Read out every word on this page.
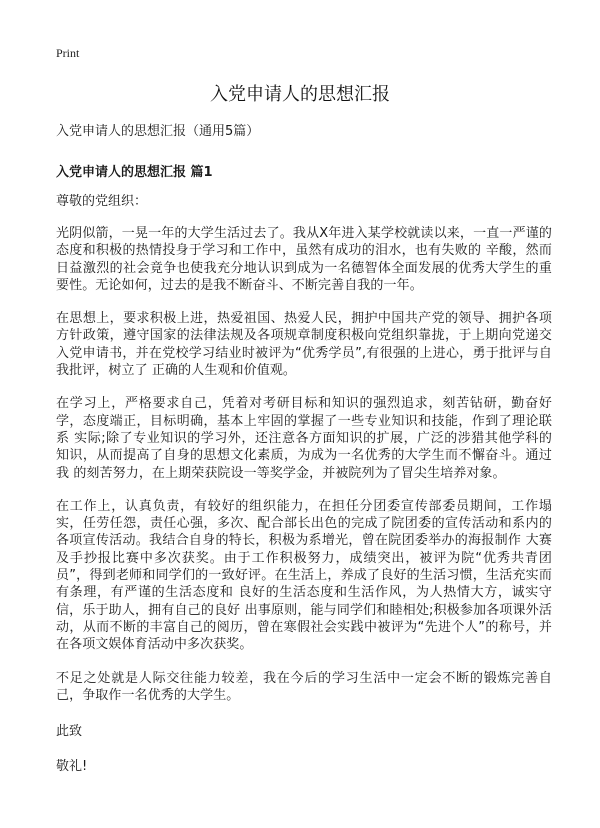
Print
入党申请人的思想汇报

入党申请人的思想汇报（通用5篇）

入党申请人的思想汇报 篇1

尊敬的党组织：

光阴似箭，一晃一年的大学生活过去了。我从X年进入某学校就读以来，一直一严谨的态度和积极的热情投身于学习和工作中，虽然有成功的泪水，也有失败的 辛酸，然而日益激烈的社会竟争也使我充分地认识到成为一名德智体全面发展的优秀大学生的重要性。无论如何，过去的是我不断奋斗、不断完善自我的一年。

在思想上，要求积极上进，热爱祖国、热爱人民，拥护中国共产党的领导、拥护各项方针政策，遵守国家的法律法规及各项规章制度积极向党组织靠拢，于上期向党递交入党申请书，并在党校学习结业时被评为“优秀学员”,有很强的上进心，勇于批评与自我批评，树立了 正确的人生观和价值观。

在学习上，严格要求自己，凭着对考研目标和知识的强烈追求，刻苦钻研，勤奋好学，态度端正，目标明确，基本上牢固的掌握了一些专业知识和技能，作到了理论联系 实际;除了专业知识的学习外，还注意各方面知识的扩展，广泛的涉猎其他学科的 知识，从而提高了自身的思想文化素质，为成为一名优秀的大学生而不懈奋斗。通过我 的刻苦努力，在上期荣获院设一等奖学金，并被院列为了冒尖生培养对象。

在工作上，认真负责，有较好的组织能力，在担任分团委宣传部委员期间，工作塌实，任劳任怨，责任心强，多次、配合部长出色的完成了院团委的宣传活动和系内的各项宣传活动。我结合自身的特长，积极为系增光，曾在院团委举办的海报制作 大赛及手抄报比赛中多次获奖。由于工作积极努力，成绩突出，被评为院“优秀共青团员”，得到老师和同学们的一致好评。在生活上，养成了良好的生活习惯，生活充实而有条理，有严谨的生活态度和 良好的生活态度和生活作风，为人热情大方，诚实守信，乐于助人，拥有自己的良好 出事原则，能与同学们和睦相处;积极参加各项课外活动，从而不断的丰富自己的阅历，曾在寒假社会实践中被评为“先进个人”的称号，并在各项文娱体育活动中多次获奖。

不足之处就是人际交往能力较差，我在今后的学习生活中一定会不断的锻炼完善自己，争取作一名优秀的大学生。

此致

敬礼!
